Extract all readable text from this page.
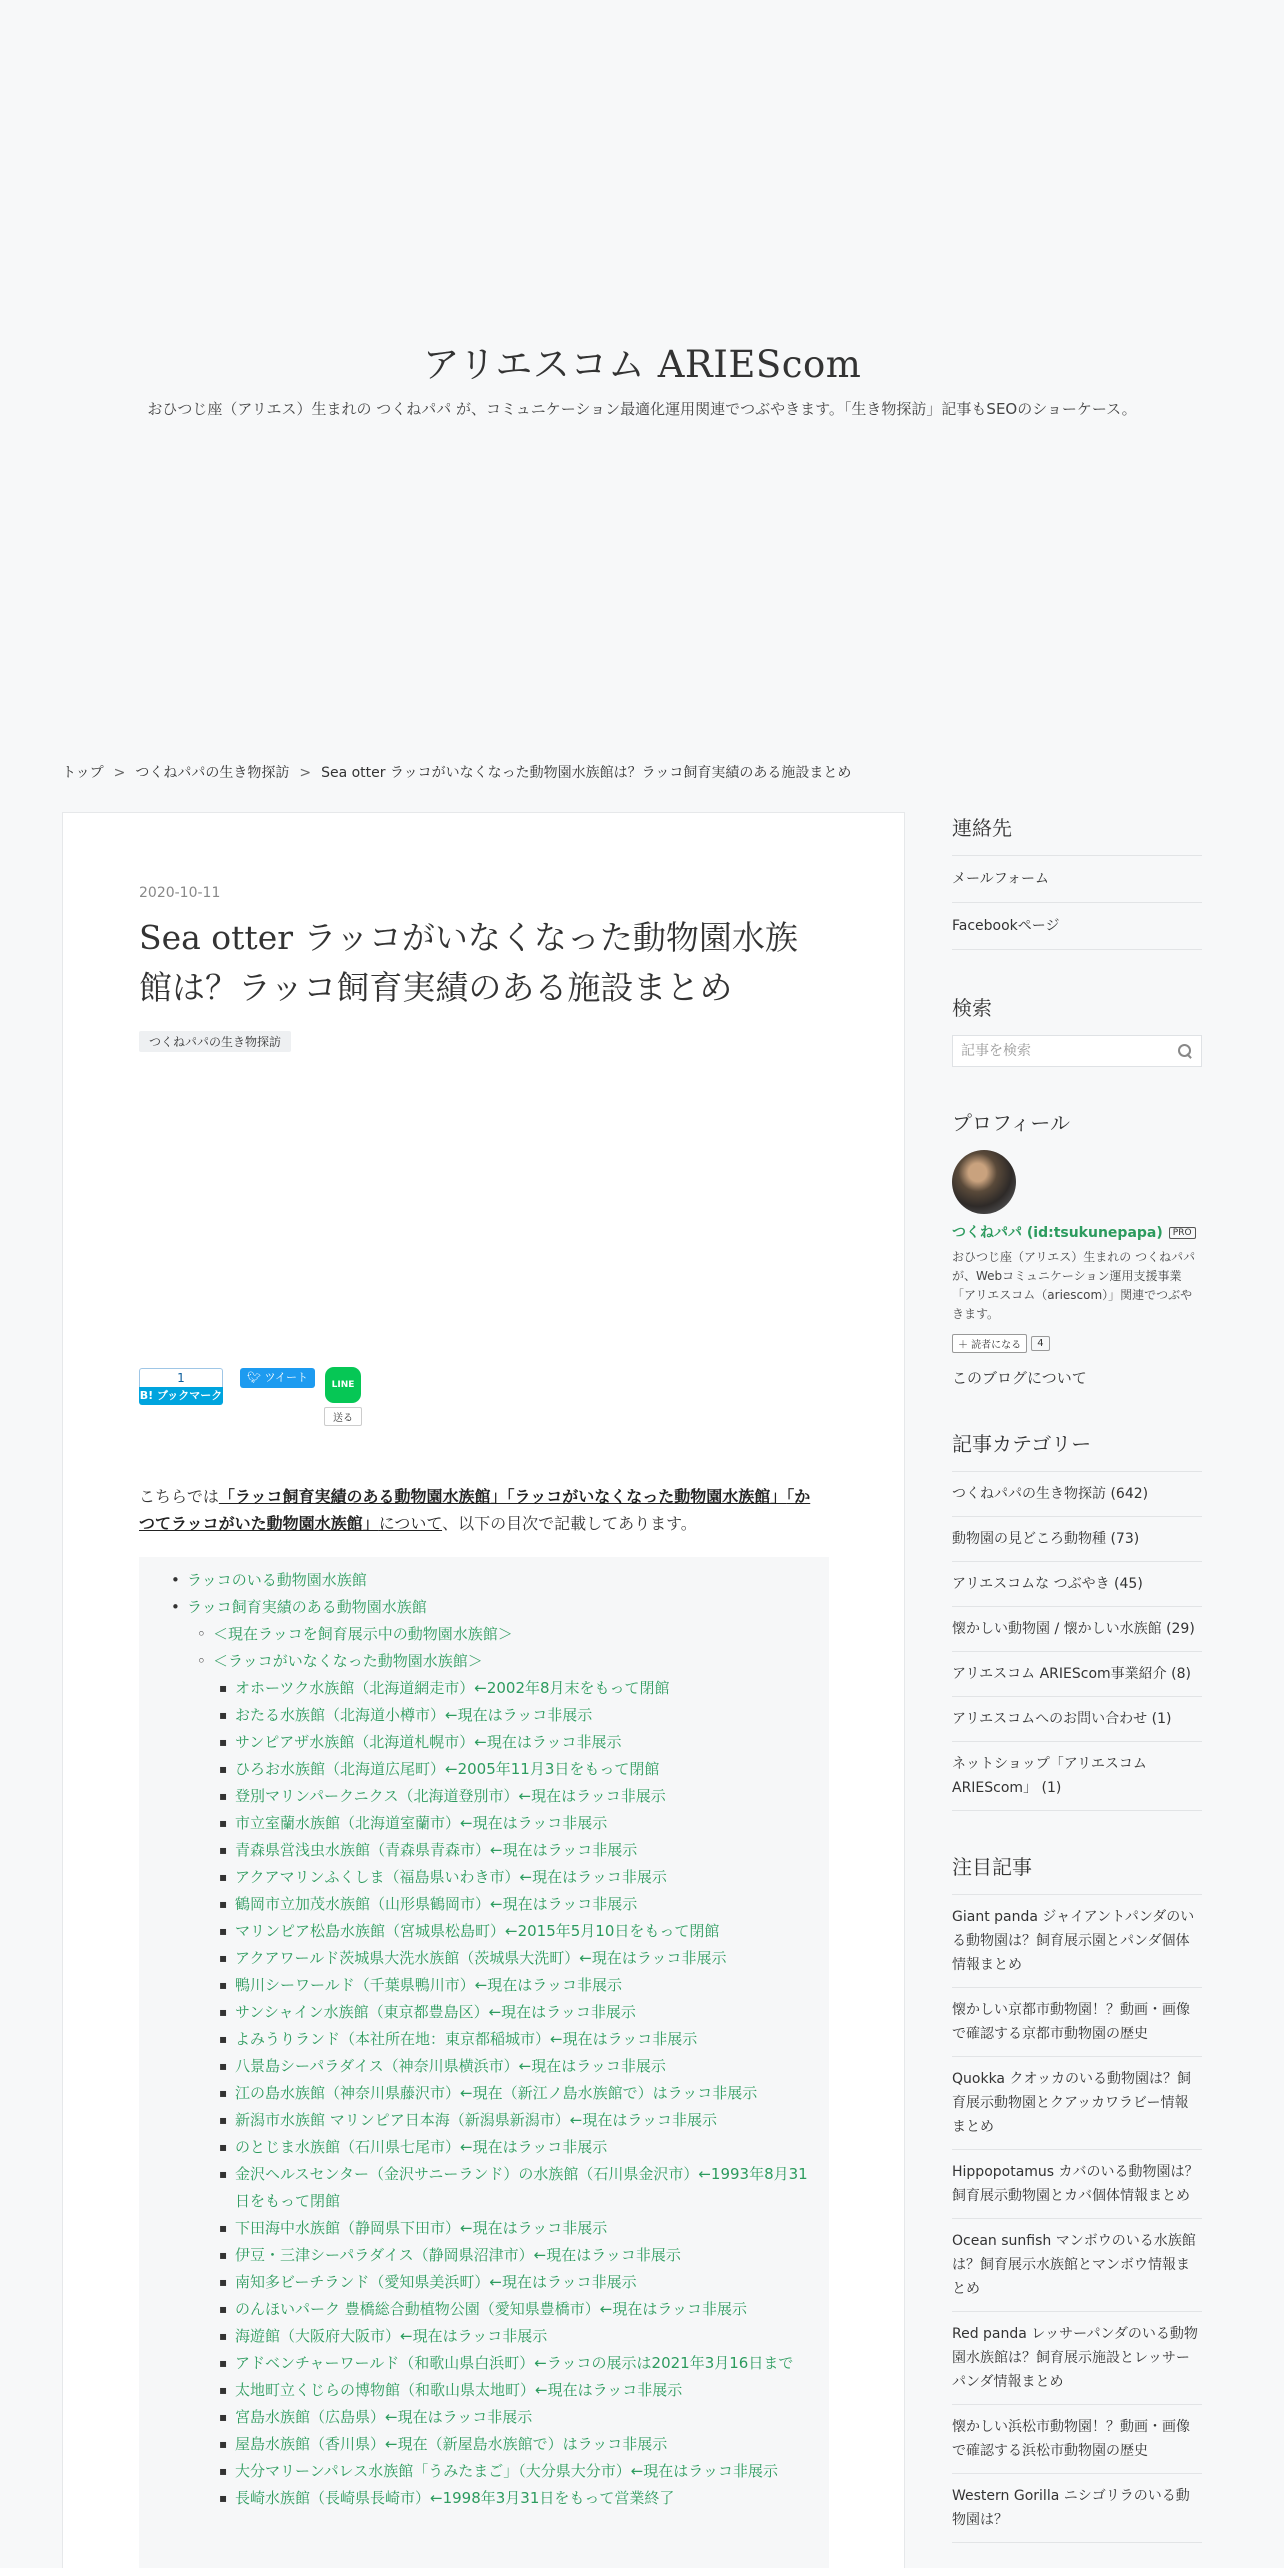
アリエスコム ARIEScom
おひつじ座（アリエス）生まれの つくねパパ が、コミュニケーション最適化運用関連でつぶやきます。「生き物探訪」記事もSEOのショーケース。
トップ > つくねパパの生き物探訪 > Sea otter ラッコがいなくなった動物園水族館は？ラッコ飼育実績のある施設まとめ
2020-10-11
Sea otter ラッコがいなくなった動物園水族館は？ラッコ飼育実績のある施設まとめ
つくねパパの生き物探訪
1
B! ブックマーク
🐦︎ ツイート
LINE
送る

こちらでは「ラッコ飼育実績のある動物園水族館」「ラッコがいなくなった動物園水族館」「かつてラッコがいた動物園水族館」について、以下の目次で記載してあります。

• ラッコのいる動物園水族館
• ラッコ飼育実績のある動物園水族館
◦ ＜現在ラッコを飼育展示中の動物園水族館＞
◦ ＜ラッコがいなくなった動物園水族館＞
▪ オホーツク水族館（北海道網走市）←2002年8月末をもって閉館
▪ おたる水族館（北海道小樽市）←現在はラッコ非展示
▪ サンピアザ水族館（北海道札幌市）←現在はラッコ非展示
▪ ひろお水族館（北海道広尾町）←2005年11月3日をもって閉館
▪ 登別マリンパークニクス（北海道登別市）←現在はラッコ非展示
▪ 市立室蘭水族館（北海道室蘭市）←現在はラッコ非展示
▪ 青森県営浅虫水族館（青森県青森市）←現在はラッコ非展示
▪ アクアマリンふくしま（福島県いわき市）←現在はラッコ非展示
▪ 鶴岡市立加茂水族館（山形県鶴岡市）←現在はラッコ非展示
▪ マリンピア松島水族館（宮城県松島町）←2015年5月10日をもって閉館
▪ アクアワールド茨城県大洗水族館（茨城県大洗町）←現在はラッコ非展示
▪ 鴨川シーワールド（千葉県鴨川市）←現在はラッコ非展示
▪ サンシャイン水族館（東京都豊島区）←現在はラッコ非展示
▪ よみうりランド（本社所在地：東京都稲城市）←現在はラッコ非展示
▪ 八景島シーパラダイス（神奈川県横浜市）←現在はラッコ非展示
▪ 江の島水族館（神奈川県藤沢市）←現在（新江ノ島水族館で）はラッコ非展示
▪ 新潟市水族館 マリンピア日本海（新潟県新潟市）←現在はラッコ非展示
▪ のとじま水族館（石川県七尾市）←現在はラッコ非展示
▪ 金沢ヘルスセンター（金沢サニーランド）の水族館（石川県金沢市）←1993年8月31日をもって閉館
▪ 下田海中水族館（静岡県下田市）←現在はラッコ非展示
▪ 伊豆・三津シーパラダイス（静岡県沼津市）←現在はラッコ非展示
▪ 南知多ビーチランド（愛知県美浜町）←現在はラッコ非展示
▪ のんほいパーク 豊橋総合動植物公園（愛知県豊橋市）←現在はラッコ非展示
▪ 海遊館（大阪府大阪市）←現在はラッコ非展示
▪ アドベンチャーワールド（和歌山県白浜町）←ラッコの展示は2021年3月16日まで
▪ 太地町立くじらの博物館（和歌山県太地町）←現在はラッコ非展示
▪ 宮島水族館（広島県）←現在はラッコ非展示
▪ 屋島水族館（香川県）←現在（新屋島水族館で）はラッコ非展示
▪ 大分マリーンパレス水族館「うみたまご」（大分県大分市）←現在はラッコ非展示
▪ 長崎水族館（長崎県長崎市）←1998年3月31日をもって営業終了
連絡先
メールフォーム
Facebookページ
検索
記事を検索
プロフィール
つくねパパ (id:tsukunepapa) PRO
おひつじ座（アリエス）生まれの つくねパパ が、Webコミュニケーション運用支援事業「アリエスコム（ariescom）」関連でつぶやきます。
＋ 読者になる	4
このブログについて
記事カテゴリー
つくねパパの生き物探訪 (642)
動物園の見どころ動物種 (73)
アリエスコムな つぶやき (45)
懐かしい動物園 / 懐かしい水族館 (29)
アリエスコム ARIEScom事業紹介 (8)
アリエスコムへのお問い合わせ (1)
ネットショップ「アリエスコム ARIEScom」 (1)
注目記事
Giant panda ジャイアントパンダのいる動物園は？飼育展示園とパンダ個体情報まとめ
懐かしい京都市動物園！？動画・画像で確認する京都市動物園の歴史
Quokka クオッカのいる動物園は？飼育展示動物園とクアッカワラビー情報まとめ
Hippopotamus カバのいる動物園は？飼育展示動物園とカバ個体情報まとめ
Ocean sunfish マンボウのいる水族館は？飼育展示水族館とマンボウ情報まとめ
Red panda レッサーパンダのいる動物園水族館は？飼育展示施設とレッサーパンダ情報まとめ
懐かしい浜松市動物園！？動画・画像で確認する浜松市動物園の歴史
Western Gorilla ニシゴリラのいる動物園は？
